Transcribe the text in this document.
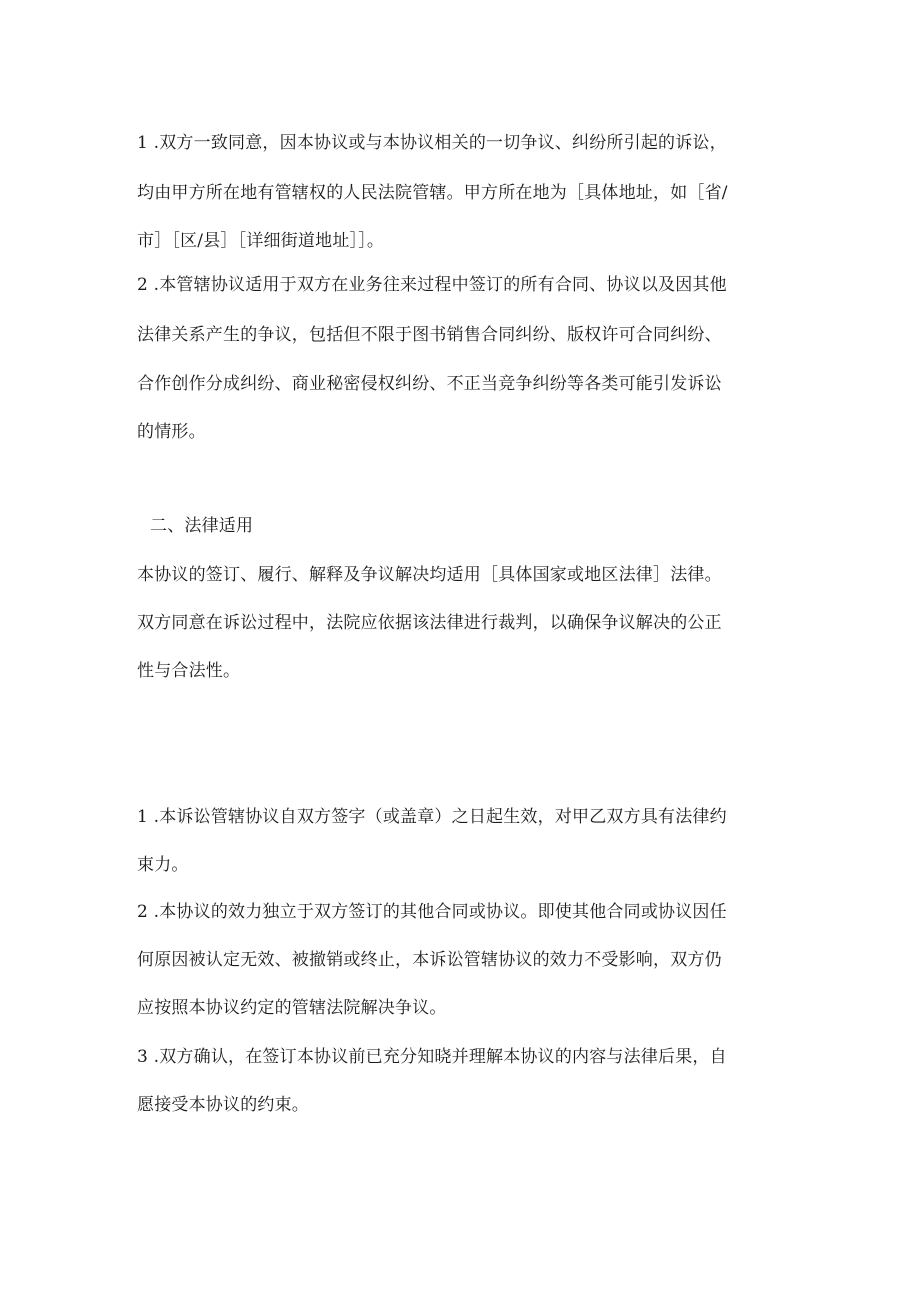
1 .双方一致同意，因本协议或与本协议相关的一切争议、纠纷所引起的诉讼，
均由甲方所在地有管辖权的人民法院管辖。甲方所在地为［具体地址，如［省/
市］［区/县］［详细街道地址］］。
2 .本管辖协议适用于双方在业务往来过程中签订的所有合同、协议以及因其他
法律关系产生的争议，包括但不限于图书销售合同纠纷、版权许可合同纠纷、
合作创作分成纠纷、商业秘密侵权纠纷、不正当竞争纠纷等各类可能引发诉讼
的情形。
二、法律适用
本协议的签订、履行、解释及争议解决均适用［具体国家或地区法律］法律。
双方同意在诉讼过程中，法院应依据该法律进行裁判，以确保争议解决的公正
性与合法性。
1 .本诉讼管辖协议自双方签字（或盖章）之日起生效，对甲乙双方具有法律约
束力。
2 .本协议的效力独立于双方签订的其他合同或协议。即使其他合同或协议因任
何原因被认定无效、被撤销或终止，本诉讼管辖协议的效力不受影响，双方仍
应按照本协议约定的管辖法院解决争议。
3 .双方确认，在签订本协议前已充分知晓并理解本协议的内容与法律后果，自
愿接受本协议的约束。
